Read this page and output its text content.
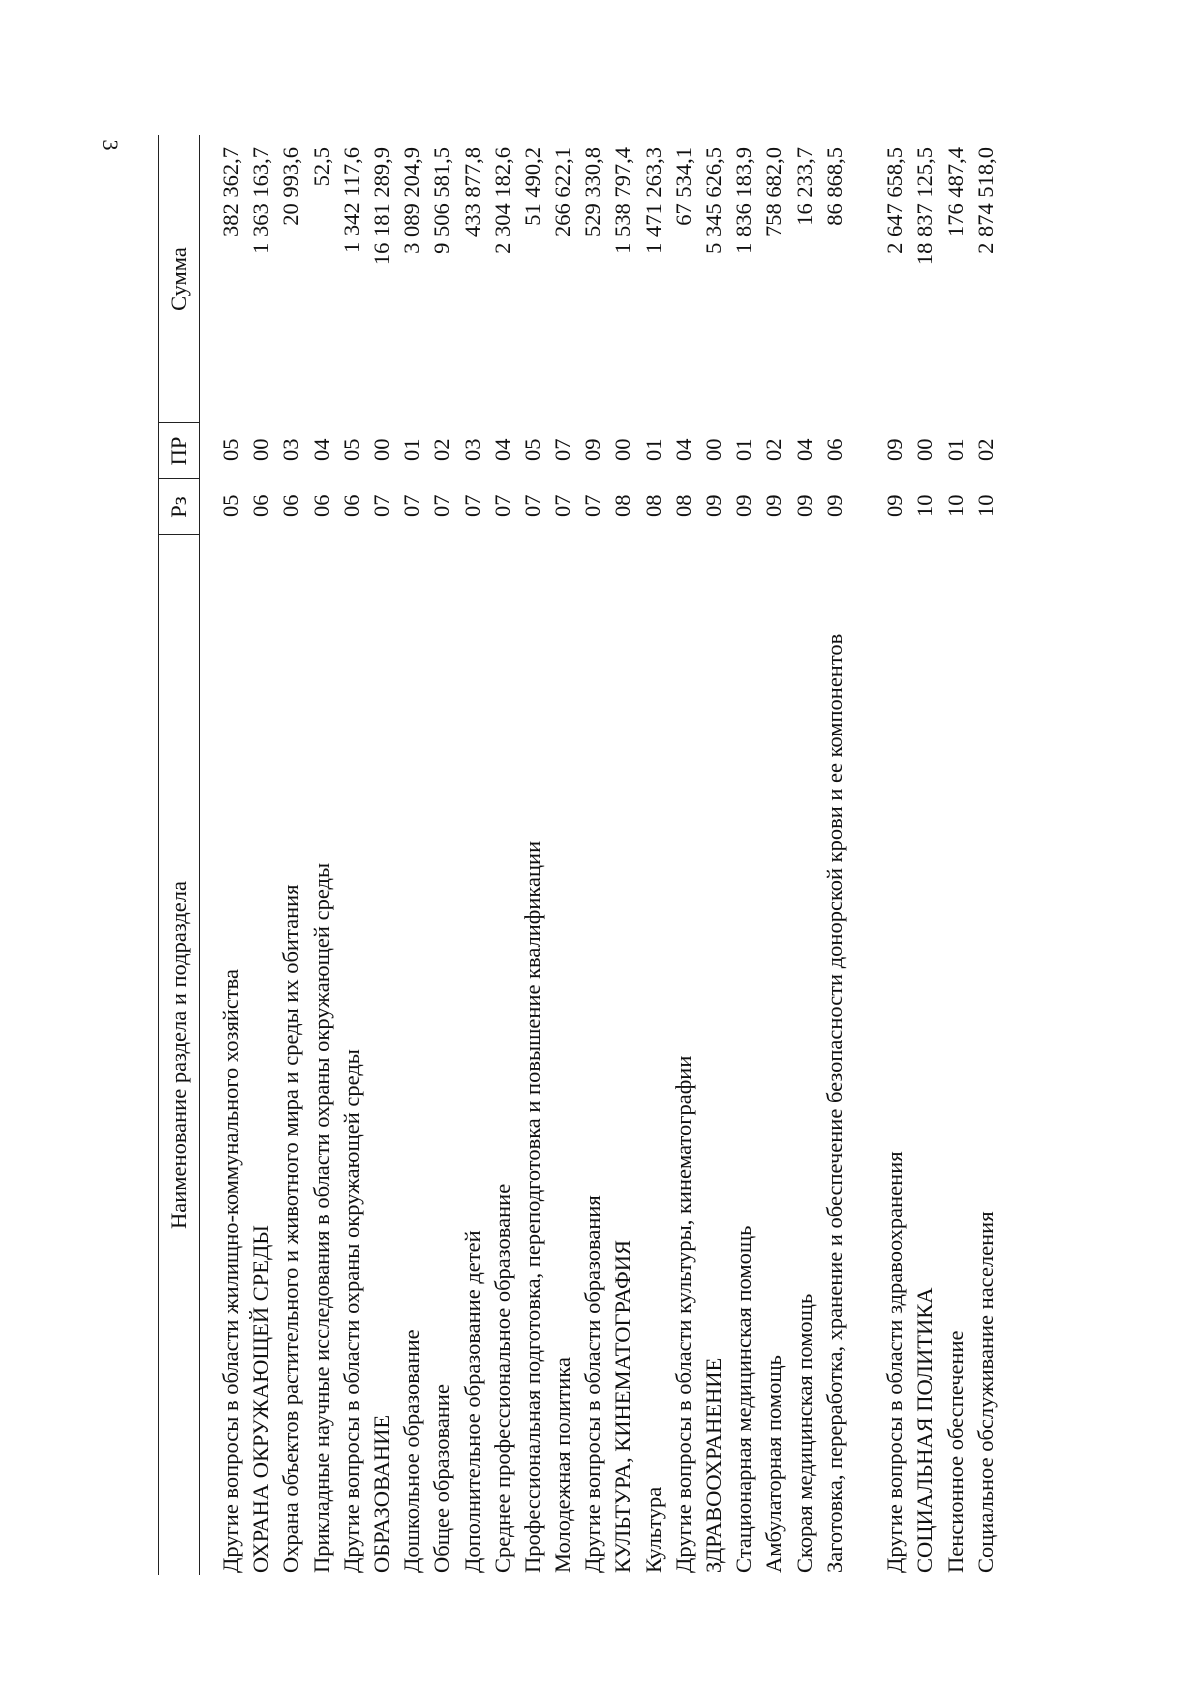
3
Наименование раздела и подраздела
Рз
ПР
Сумма
Другие вопросы в области жилищно-коммунального хозяйства
05
05
382 362,7
ОХРАНА ОКРУЖАЮЩЕЙ СРЕДЫ
06
00
1 363 163,7
Охрана объектов растительного и животного мира и среды их обитания
06
03
20 993,6
Прикладные научные исследования в области охраны окружающей среды
06
04
52,5
Другие вопросы в области охраны окружающей среды
06
05
1 342 117,6
ОБРАЗОВАНИЕ
07
00
16 181 289,9
Дошкольное образование
07
01
3 089 204,9
Общее образование
07
02
9 506 581,5
Дополнительное образование детей
07
03
433 877,8
Среднее профессиональное образование
07
04
2 304 182,6
Профессиональная подготовка, переподготовка и повышение квалификации
07
05
51 490,2
Молодежная политика
07
07
266 622,1
Другие вопросы в области образования
07
09
529 330,8
КУЛЬТУРА, КИНЕМАТОГРАФИЯ
08
00
1 538 797,4
Культура
08
01
1 471 263,3
Другие вопросы в области культуры, кинематографии
08
04
67 534,1
ЗДРАВООХРАНЕНИЕ
09
00
5 345 626,5
Стационарная медицинская помощь
09
01
1 836 183,9
Амбулаторная помощь
09
02
758 682,0
Скорая медицинская помощь
09
04
16 233,7
Заготовка, переработка, хранение и обеспечение безопасности донорской крови и ее компонентов
09
06
86 868,5
Другие вопросы в области здравоохранения
09
09
2 647 658,5
СОЦИАЛЬНАЯ ПОЛИТИКА
10
00
18 837 125,5
Пенсионное обеспечение
10
01
176 487,4
Социальное обслуживание населения
10
02
2 874 518,0
